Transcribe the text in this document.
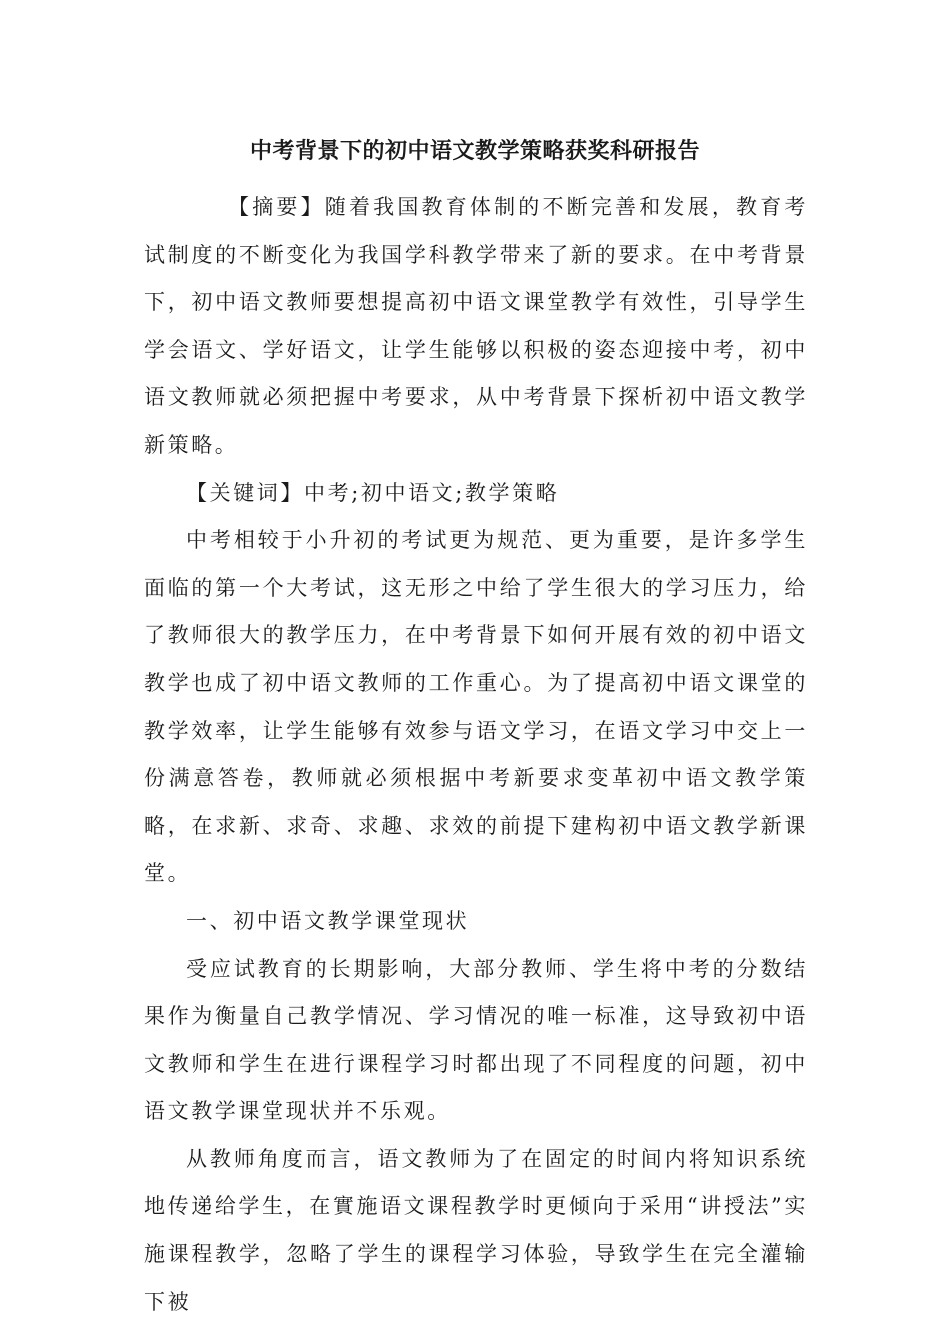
中考背景下的初中语文教学策略获奖科研报告

【摘要】随着我国教育体制的不断完善和发展，教育考试制度的不断变化为我国学科教学带来了新的要求。在中考背景下，初中语文教师要想提高初中语文课堂教学有效性，引导学生学会语文、学好语文，让学生能够以积极的姿态迎接中考，初中语文教师就必须把握中考要求，从中考背景下探析初中语文教学新策略。

【关键词】中考;初中语文;教学策略

中考相较于小升初的考试更为规范、更为重要，是许多学生面临的第一个大考试，这无形之中给了学生很大的学习压力，给了教师很大的教学压力，在中考背景下如何开展有效的初中语文教学也成了初中语文教师的工作重心。为了提高初中语文课堂的教学效率，让学生能够有效参与语文学习，在语文学习中交上一份满意答卷，教师就必须根据中考新要求变革初中语文教学策略，在求新、求奇、求趣、求效的前提下建构初中语文教学新课堂。

一、初中语文教学课堂现状

受应试教育的长期影响，大部分教师、学生将中考的分数结果作为衡量自己教学情况、学习情况的唯一标准，这导致初中语文教师和学生在进行课程学习时都出现了不同程度的问题，初中语文教学课堂现状并不乐观。

从教师角度而言，语文教师为了在固定的时间内将知识系统地传递给学生，在實施语文课程教学时更倾向于采用“讲授法”实施课程教学，忽略了学生的课程学习体验，导致学生在完全灌输下被
